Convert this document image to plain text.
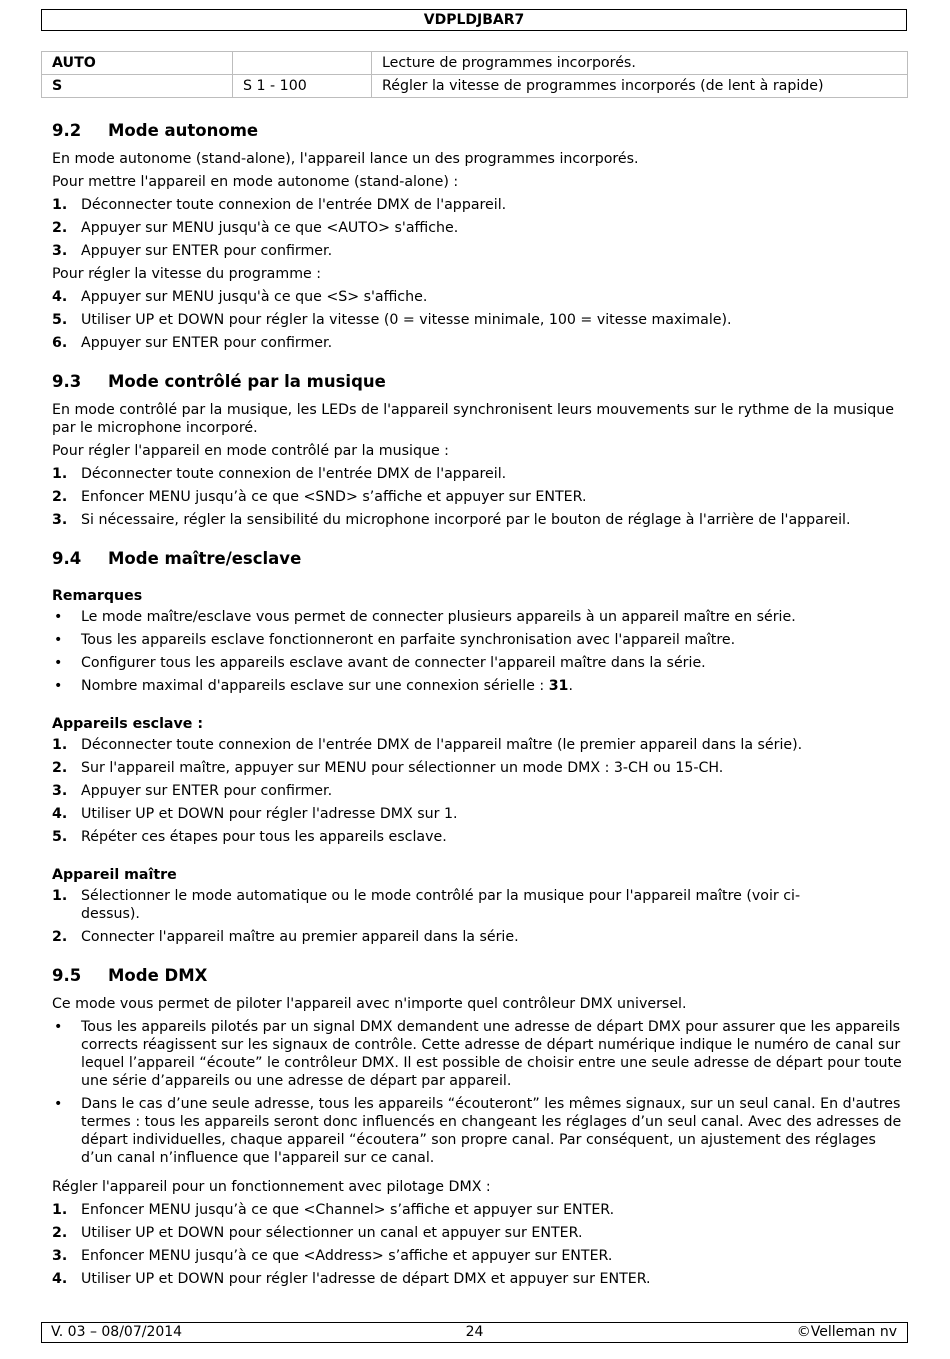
VDPLDJBAR7
AUTO		Lecture de programmes incorporés.
S	S 1 - 100	Régler la vitesse de programmes incorporés (de lent à rapide)
9.2 Mode autonome

En mode autonome (stand-alone), l'appareil lance un des programmes incorporés.

Pour mettre l'appareil en mode autonome (stand-alone) :

1. Déconnecter toute connexion de l'entrée DMX de l'appareil.
2. Appuyer sur MENU jusqu'à ce que <AUTO> s'affiche.
3. Appuyer sur ENTER pour confirmer.

Pour régler la vitesse du programme :

4. Appuyer sur MENU jusqu'à ce que <S> s'affiche.
5. Utiliser UP et DOWN pour régler la vitesse (0 = vitesse minimale, 100 = vitesse maximale).
6. Appuyer sur ENTER pour confirmer.
9.3 Mode contrôlé par la musique

En mode contrôlé par la musique, les LEDs de l'appareil synchronisent leurs mouvements sur le rythme de la musique par le microphone incorporé.

Pour régler l'appareil en mode contrôlé par la musique :

1. Déconnecter toute connexion de l'entrée DMX de l'appareil.
2. Enfoncer MENU jusqu’à ce que <SND> s’affiche et appuyer sur ENTER.
3. Si nécessaire, régler la sensibilité du microphone incorporé par le bouton de réglage à l'arrière de l'appareil.
9.4 Mode maître/esclave
Remarques
• Le mode maître/esclave vous permet de connecter plusieurs appareils à un appareil maître en série.
• Tous les appareils esclave fonctionneront en parfaite synchronisation avec l'appareil maître.
• Configurer tous les appareils esclave avant de connecter l'appareil maître dans la série.
• Nombre maximal d'appareils esclave sur une connexion sérielle : 31.
Appareils esclave :
1. Déconnecter toute connexion de l'entrée DMX de l'appareil maître (le premier appareil dans la série).
2. Sur l'appareil maître, appuyer sur MENU pour sélectionner un mode DMX : 3-CH ou 15-CH.
3. Appuyer sur ENTER pour confirmer.
4. Utiliser UP et DOWN pour régler l'adresse DMX sur 1.
5. Répéter ces étapes pour tous les appareils esclave.
Appareil maître
1. Sélectionner le mode automatique ou le mode contrôlé par la musique pour l'appareil maître (voir ci-dessus).
2. Connecter l'appareil maître au premier appareil dans la série.
9.5 Mode DMX

Ce mode vous permet de piloter l'appareil avec n'importe quel contrôleur DMX universel.

• Tous les appareils pilotés par un signal DMX demandent une adresse de départ DMX pour assurer que les appareils corrects réagissent sur les signaux de contrôle. Cette adresse de départ numérique indique le numéro de canal sur lequel l’appareil “écoute” le contrôleur DMX. Il est possible de choisir entre une seule adresse de départ pour toute une série d’appareils ou une adresse de départ par appareil.
• Dans le cas d’une seule adresse, tous les appareils “écouteront” les mêmes signaux, sur un seul canal. En d'autres termes : tous les appareils seront donc influencés en changeant les réglages d’un seul canal. Avec des adresses de départ individuelles, chaque appareil “écoutera” son propre canal. Par conséquent, un ajustement des réglages d’un canal n’influence que l'appareil sur ce canal.

Régler l'appareil pour un fonctionnement avec pilotage DMX :

1. Enfoncer MENU jusqu’à ce que <Channel> s’affiche et appuyer sur ENTER.
2. Utiliser UP et DOWN pour sélectionner un canal et appuyer sur ENTER.
3. Enfoncer MENU jusqu’à ce que <Address> s’affiche et appuyer sur ENTER.
4. Utiliser UP et DOWN pour régler l'adresse de départ DMX et appuyer sur ENTER.
V. 03 – 08/07/2014	24	©Velleman nv
